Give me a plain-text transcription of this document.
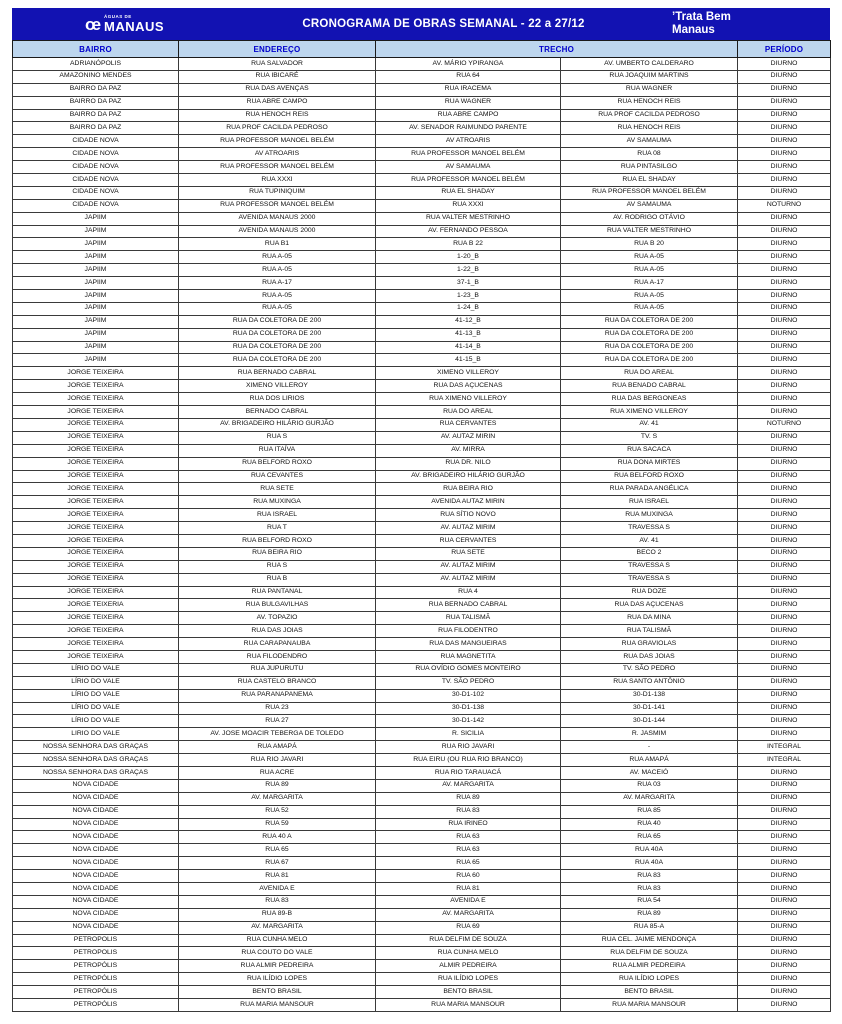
œ ÁGUAS DE
MANAUS	CRONOGRAMA DE OBRAS SEMANAL - 22 a 27/12
’Trata Bem
Manaus
BAIRRO	ENDEREÇO	TRECHO		PERÍODO
ADRIANÓPOLIS	RUA SALVADOR	AV. MÁRIO YPIRANGA	AV. UMBERTO CALDERARO	DIURNO
AMAZONINO MENDES	RUA IBICARÉ	RUA 64	RUA JOAQUIM MARTINS	DIURNO
BAIRRO DA PAZ	RUA DAS AVENÇAS	RUA IRACEMA	RUA WAGNER	DIURNO
BAIRRO DA PAZ	RUA ABRE CAMPO	RUA WAGNER	RUA HENOCH REIS	DIURNO
BAIRRO DA PAZ	RUA HENOCH REIS	RUA ABRE CAMPO	RUA PROF CACILDA PEDROSO	DIURNO
BAIRRO DA PAZ	RUA PROF CACILDA PEDROSO	AV. SENADOR RAIMUNDO PARENTE	RUA HENOCH REIS	DIURNO
CIDADE NOVA	RUA PROFESSOR MANOEL BELÉM	AV ATROARIS	AV SAMAUMA	DIURNO
CIDADE NOVA	AV ATROARIS	RUA PROFESSOR MANOEL BELÉM	RUA 08	DIURNO
CIDADE NOVA	RUA PROFESSOR MANOEL BELÉM	AV SAMAUMA	RUA PINTASILGO	DIURNO
CIDADE NOVA	RUA XXXI	RUA PROFESSOR MANOEL BELÉM	RUA EL SHADAY	DIURNO
CIDADE NOVA	RUA TUPINIQUIM	RUA EL SHADAY	RUA PROFESSOR MANOEL BELÉM	DIURNO
CIDADE NOVA	RUA PROFESSOR MANOEL BELÉM	RUA XXXI	AV SAMAUMA	NOTURNO
JAPIIM	AVENIDA MANAUS 2000	RUA VALTER MESTRINHO	AV. RODRIGO OTÁVIO	DIURNO
JAPIIM	AVENIDA MANAUS 2000	AV. FERNANDO PESSOA	RUA VALTER MESTRINHO	DIURNO
JAPIIM	RUA B1	RUA B 22	RUA B 20	DIURNO
JAPIIM	RUA A-05	1-20_B	RUA A-05	DIURNO
JAPIIM	RUA A-05	1-22_B	RUA A-05	DIURNO
JAPIIM	RUA A-17	37-1_B	RUA A-17	DIURNO
JAPIIM	RUA A-05	1-23_B	RUA A-05	DIURNO
JAPIIM	RUA A-05	1-24_B	RUA A-05	DIURNO
JAPIIM	RUA DA COLETORA DE 200	41-12_B	RUA DA COLETORA DE 200	DIURNO
JAPIIM	RUA DA COLETORA DE 200	41-13_B	RUA DA COLETORA DE 200	DIURNO
JAPIIM	RUA DA COLETORA DE 200	41-14_B	RUA DA COLETORA DE 200	DIURNO
JAPIIM	RUA DA COLETORA DE 200	41-15_B	RUA DA COLETORA DE 200	DIURNO
JORGE TEIXEIRA	RUA BERNADO CABRAL	XIMENO VILLEROY	RUA DO AREAL	DIURNO
JORGE TEIXEIRA	XIMENO VILLEROY	RUA DAS AÇUCENAS	RUA BENADO CABRAL	DIURNO
JORGE TEIXEIRA	RUA DOS LIRIOS	RUA XIMENO VILLEROY	RUA DAS BERGONEAS	DIURNO
JORGE TEIXEIRA	BERNADO CABRAL	RUA DO AREAL	RUA XIMENO VILLEROY	DIURNO
JORGE TEIXEIRA	AV. BRIGADEIRO HILÁRIO GURJÃO	RUA CERVANTES	AV. 41	NOTURNO
JORGE TEIXEIRA	RUA S	AV. AUTAZ MIRIN	TV. S	DIURNO
JORGE TEIXEIRA	RUA ITAÍVA	AV. MIRRA	RUA SACACA	DIURNO
JORGE TEIXEIRA	RUA BELFORD ROXO	RUA DR. NILO	RUA DONA MIRTES	DIURNO
JORGE TEIXEIRA	RUA CEVANTES	AV. BRIGADEIRO HILÁRIO GURJÃO	RUA BELFORD ROXO	DIURNO
JORGE TEIXEIRA	RUA SETE	RUA BEIRA RIO	RUA PARADA ANGÉLICA	DIURNO
JORGE TEIXEIRA	RUA MUXINGA	AVENIDA AUTAZ MIRIN	RUA ISRAEL	DIURNO
JORGE TEIXEIRA	RUA ISRAEL	RUA SÍTIO NOVO	RUA MUXINGA	DIURNO
JORGE TEIXEIRA	RUA T	AV. AUTAZ MIRIM	TRAVESSA S	DIURNO
JORGE TEIXEIRA	RUA BELFORD ROXO	RUA CERVANTES	AV. 41	DIURNO
JORGE TEIXEIRA	RUA BEIRA RIO	RUA SETE	BECO 2	DIURNO
JORGE TEIXEIRA	RUA S	AV. AUTAZ MIRIM	TRAVESSA S	DIURNO
JORGE TEIXEIRA	RUA B	AV. AUTAZ MIRIM	TRAVESSA S	DIURNO
JORGE TEIXEIRA	RUA PANTANAL	RUA 4	RUA DOZE	DIURNO
JORGE TEIXERIA	RUA BULGAVILHAS	RUA BERNADO CABRAL	RUA DAS AÇUCENAS	DIURNO
JORGE TEIXEIRA	AV. TOPAZIO	RUA TALISMÃ	RUA DA MINA	DIURNO
JORGE TEIXEIRA	RUA DAS JOIAS	RUA FILODENTRO	RUA TALISMÃ	DIURNO
JORGE TEIXEIRA	RUA CARAPANAUBA	RUA DAS MANGUEIRAS	RUA GRAVIOLAS	DIURNO
JORGE TEIXEIRA	RUA FILODENDRO	RUA MAGNETITA	RUA DAS JOIAS	DIURNO
LÍRIO DO VALE	RUA JUPURUTU	RUA OVÍDIO GOMES MONTEIRO	TV. SÃO PEDRO	DIURNO
LÍRIO DO VALE	RUA CASTELO BRANCO	TV. SÃO PEDRO	RUA SANTO ANTÔNIO	DIURNO
LÍRIO DO VALE	RUA PARANAPANEMA	30-D1-102	30-D1-138	DIURNO
LÍRIO DO VALE	RUA 23	30-D1-138	30-D1-141	DIURNO
LÍRIO DO VALE	RUA 27	30-D1-142	30-D1-144	DIURNO
LIRIO DO VALE	AV. JOSE MOACIR TEBERGA DE TOLEDO	R. SICILIA	R. JASMIM	DIURNO
NOSSA SENHORA DAS GRAÇAS	RUA AMAPÁ	RUA RIO JAVARI	-	INTEGRAL
NOSSA SENHORA DAS GRAÇAS	RUA RIO JAVARI	RUA EIRU (OU RUA RIO BRANCO)	RUA AMAPÁ	INTEGRAL
NOSSA SENHORA DAS GRAÇAS	RUA ACRE	RUA RIO TARAUACÁ	AV. MACEIÓ	DIURNO
NOVA CIDADE	RUA 89	AV. MARGARITA	RUA 03	DIURNO
NOVA CIDADE	AV. MARGARITA	RUA 89	AV. MARGARITA	DIURNO
NOVA CIDADE	RUA 52	RUA 83	RUA 85	DIURNO
NOVA CIDADE	RUA 59	RUA IRINEO	RUA 40	DIURNO
NOVA CIDADE	RUA 40 A	RUA 63	RUA 65	DIURNO
NOVA CIDADE	RUA 65	RUA 63	RUA 40A	DIURNO
NOVA CIDADE	RUA 67	RUA 65	RUA 40A	DIURNO
NOVA CIDADE	RUA 81	RUA 60	RUA 83	DIURNO
NOVA CIDADE	AVENIDA E	RUA 81	RUA 83	DIURNO
NOVA CIDADE	RUA 83	AVENIDA E	RUA 54	DIURNO
NOVA CIDADE	RUA 89-B	AV. MARGARITA	RUA 89	DIURNO
NOVA CIDADE	AV. MARGARITA	RUA 69	RUA 85-A	DIURNO
PETROPOLIS	RUA CUNHA MELO	RUA DELFIM DE SOUZA	RUA CEL. JAIME MENDONÇA	DIURNO
PETROPOLIS	RUA COUTO DO VALE	RUA CUNHA MELO	RUA DELFIM DE SOUZA	DIURNO
PETROPÓLIS	RUA ALMIR PEDREIRA	ALMIR PEDREIRA	RUA ALMIR PEDREIRA	DIURNO
PETROPÓLIS	RUA ILÍDIO LOPES	RUA ILÍDIO LOPES	RUA ILÍDIO LOPES	DIURNO
PETROPÓLIS	BENTO BRASIL	BENTO BRASIL	BENTO BRASIL	DIURNO
PETROPÓLIS	RUA MARIA MANSOUR	RUA MARIA MANSOUR	RUA MARIA MANSOUR	DIURNO
